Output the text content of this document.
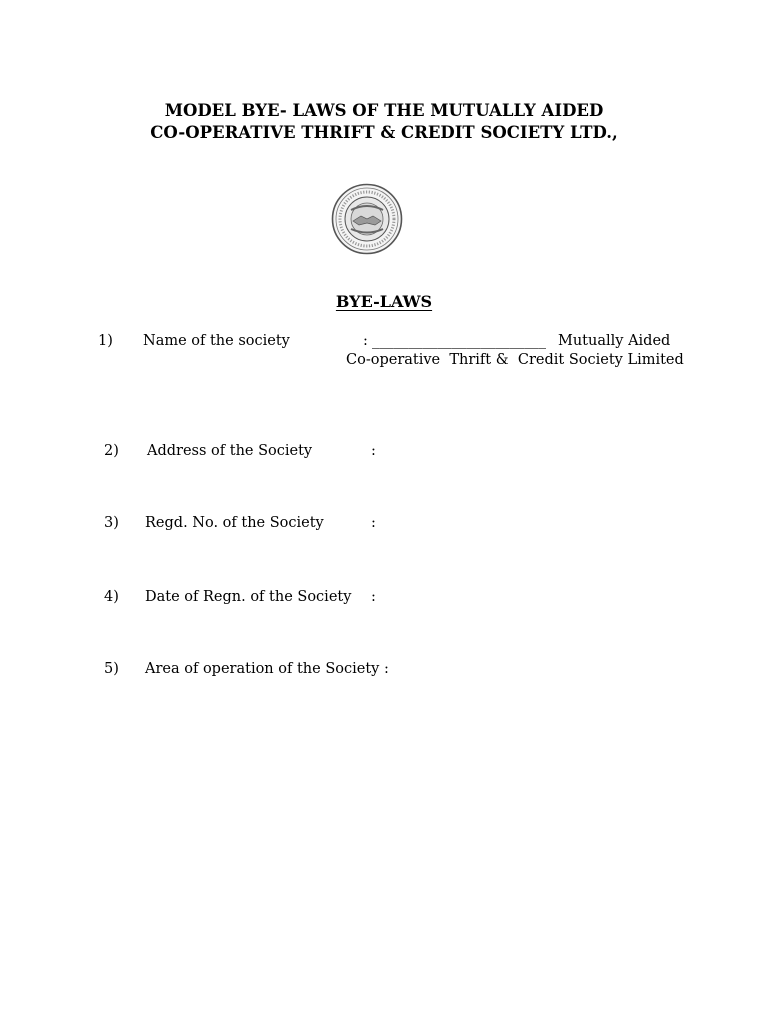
MODEL BYE- LAWS OF THE MUTUALLY AIDED
CO-OPERATIVE THRIFT & CREDIT SOCIETY LTD.,
BYE-LAWS
1) Name of the society	: ________________________ Mutually Aided
Co-operative  Thrift &  Credit Society Limited
2) Address of the Society	:
3) Regd. No. of the Society	:
4) Date of Regn. of the Society :
5) Area of operation of the Society :
